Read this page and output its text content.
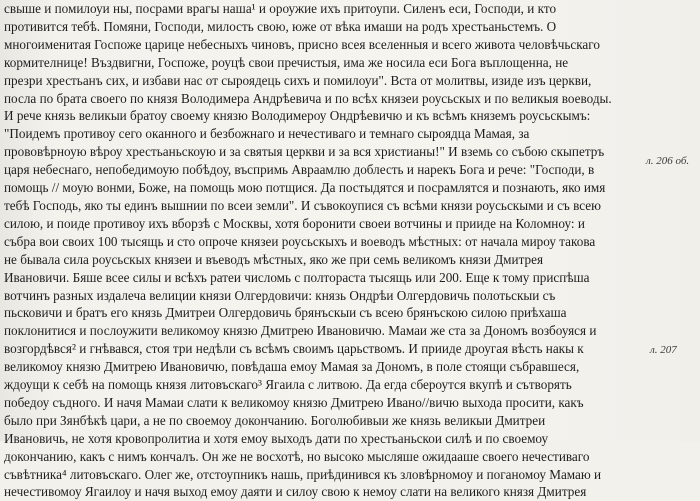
свыше и помилоуи ны, посрами врагы наша¹ и ороужие ихъ притоупи. Силенъ еси, Господи, и кто
противится тебѣ. Помяни, Господи, милость свою, юже от вѣка имаши на родъ хрестьаньстемъ. О
многоименитая Госпоже царице небесныхъ чиновъ, присно всея вселенныя и всего живота человѣчьскаго
кормителнице! Въздвигни, Госпоже, роуцѣ свои пречистыя, има же носила еси Бога въплощенна, не
презри хрестьанъ сих, и избави нас от сыроядець сихъ и помилоуи". Вста от молитвы, изиде изъ церкви,
посла по брата своего по князя Володимера Андрѣевича и по всѣх князеи роусьскых и по великыя воеводы.
И рече князь великыи братоу своему князю Володимероу Ондрѣевичю и къ всѣмъ княземъ роусьскымъ:
"Поидемъ противоу сего оканного и безбожнаго и нечестиваго и темнаго сыроядца Мамая, за
прововѣрноую вѣроу хрестьаньскоую и за святыя церкви и за вся христианы!" И вземь со събою скыпетръ
царя небеснаго, непобедимоую побѣдоу, въспримь Авраамлю доблесть и нарекъ Бога и рече: "Господи, в
помощь // моую вонми, Боже, на помощь мою потщися. Да постыдятся и посрамлятся и познають, яко имя
тебѣ Господь, яко ты единъ вышнии по всеи земли". И съвокоупися съ всѣми князи роусьскыми и съ всею
силою, и поиде противоу ихъ вборзѣ с Москвы, хотя боронити своеи вотчины и прииде на Коломноу: и
събра вои своих 100 тысящь и сто опроче князеи роусьскыхъ и воеводъ мѣстных: от начала мироу такова
не бывала сила роусьскых князеи и въеводъ мѣстных, яко же при семь великомъ князи Дмитрея
Ивановичи. Бяше всее силы и всѣхъ ратеи числомь с полтораста тысящь или 200. Еще к тому приспѣша
вотчинъ разных издалеча велиции князи Олгердовичи: князь Ондрѣи Олгердовичь полотьскыи съ
пьсковичи и братъ его князь Дмитреи Олгердовичь брянъскыи съ всею брянъскою силою приѣхаша
поклонитися и послоужити великомоу князю Дмитрею Ивановичю. Мамаи же ста за Дономъ возбоуяся и
возгордѣвся² и гнѣвався, стоя три недѣли съ всѣмъ своимъ царьствомъ. И прииде дроугая вѣсть накы к
великомоу князю Дмитрею Ивановичю, повѣдаша емоу Мамая за Дономъ, в поле стоящи събравшеся,
ждоущи к себѣ на помощь князя литовъскаго³ Ягаила с литвою. Да егда сбероутся вкупѣ и сътворять
победоу съдного. И начя Мамаи слати к великомоу князю Дмитрею Ивано//вичю выхода просити, какъ
было при Зянбѣкѣ цари, а не по своемоу докончанию. Боголюбивыи же князь великыи Дмитреи
Ивановичь, не хотя кровопролитиа и хотя емоу выходъ дати по хрестьаньскои силѣ и по своемоу
докончанию, какъ с нимъ кончалъ. Он же не восхотѣ, но высоко мысляше ожидааше своего нечестиваго
съвѣтника⁴ литовъскаго. Олег же, отстоупникъ нашь, приѣдинився къ зловѣрномоу и поганомоу Мамаю и
нечестивомоу Ягаилоу и начя выход емоу даяти и силоу свою к немоу слати на великого князя Дмитрея
л. 206 об.
л. 207
